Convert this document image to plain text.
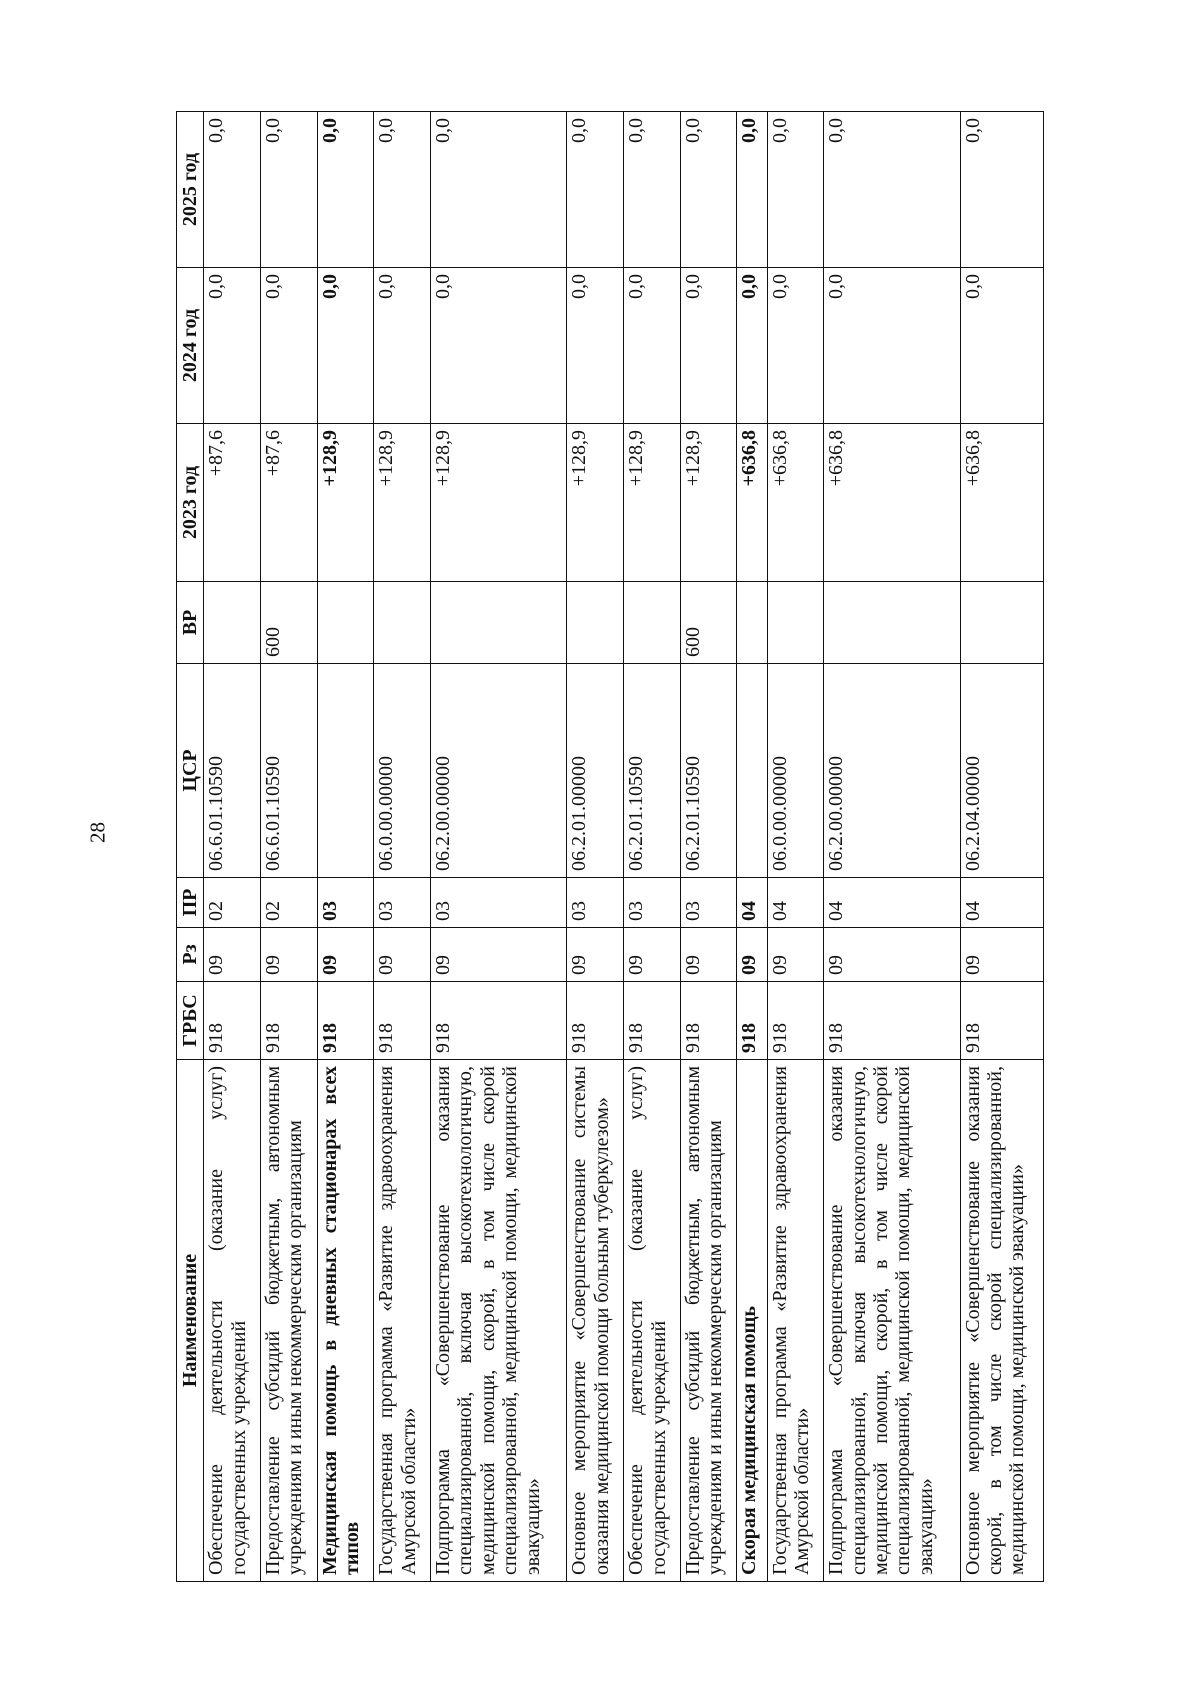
28
Наименование	ГРБС	Рз	ПР	ЦСР	ВР	2023 год	2024 год	2025 год
Обеспечение деятельности (оказание услуг) государственных учреждений	918	09	02	06.6.01.10590		+87,6	0,0	0,0
Предоставление субсидий бюджетным, автономным учреждениям и иным некоммерческим организациям	918	09	02	06.6.01.10590	600	+87,6	0,0	0,0
Медицинская помощь в дневных стационарах всех типов	918	09	03			+128,9	0,0	0,0
Государственная программа «Развитие здравоохранения Амурской области»	918	09	03	06.0.00.00000		+128,9	0,0	0,0
Подпрограмма «Совершенствование оказания специализированной, включая высокотехнологичную, медицинской помощи, скорой, в том числе скорой специализированной, медицинской помощи, медицинской эвакуации»	918	09	03	06.2.00.00000		+128,9	0,0	0,0
Основное мероприятие «Совершенствование системы оказания медицинской помощи больным туберкулезом»	918	09	03	06.2.01.00000		+128,9	0,0	0,0
Обеспечение деятельности (оказание услуг) государственных учреждений	918	09	03	06.2.01.10590		+128,9	0,0	0,0
Предоставление субсидий бюджетным, автономным учреждениям и иным некоммерческим организациям	918	09	03	06.2.01.10590	600	+128,9	0,0	0,0
Скорая медицинская помощь	918	09	04			+636,8	0,0	0,0
Государственная программа «Развитие здравоохранения Амурской области»	918	09	04	06.0.00.00000		+636,8	0,0	0,0
Подпрограмма «Совершенствование оказания специализированной, включая высокотехнологичную, медицинской помощи, скорой, в том числе скорой специализированной, медицинской помощи, медицинской эвакуации»	918	09	04	06.2.00.00000		+636,8	0,0	0,0
Основное мероприятие «Совершенствование оказания скорой, в том числе скорой специализированной, медицинской помощи, медицинской эвакуации»	918	09	04	06.2.04.00000		+636,8	0,0	0,0
